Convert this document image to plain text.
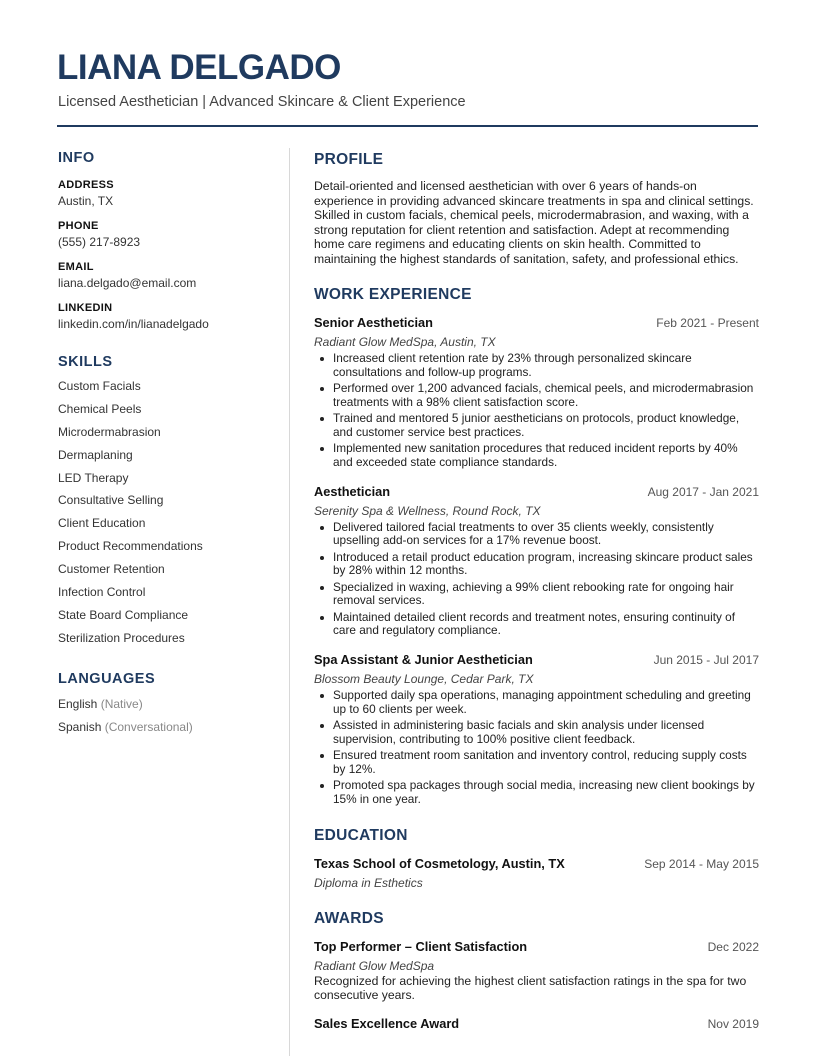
LIANA DELGADO
Licensed Aesthetician | Advanced Skincare & Client Experience
INFO
ADDRESS
Austin, TX
PHONE
(555) 217-8923
EMAIL
liana.delgado@email.com
LINKEDIN
linkedin.com/in/lianadelgado
SKILLS
Custom Facials
Chemical Peels
Microdermabrasion
Dermaplaning
LED Therapy
Consultative Selling
Client Education
Product Recommendations
Customer Retention
Infection Control
State Board Compliance
Sterilization Procedures
LANGUAGES
English (Native)
Spanish (Conversational)
PROFILE
Detail-oriented and licensed aesthetician with over 6 years of hands-on experience in providing advanced skincare treatments in spa and clinical settings. Skilled in custom facials, chemical peels, microdermabrasion, and waxing, with a strong reputation for client retention and satisfaction. Adept at recommending home care regimens and educating clients on skin health. Committed to maintaining the highest standards of sanitation, safety, and professional ethics.
WORK EXPERIENCE
Senior Aesthetician	Feb 2021 - Present
Radiant Glow MedSpa, Austin, TX
Increased client retention rate by 23% through personalized skincare consultations and follow-up programs.
Performed over 1,200 advanced facials, chemical peels, and microdermabrasion treatments with a 98% client satisfaction score.
Trained and mentored 5 junior aestheticians on protocols, product knowledge, and customer service best practices.
Implemented new sanitation procedures that reduced incident reports by 40% and exceeded state compliance standards.
Aesthetician	Aug 2017 - Jan 2021
Serenity Spa & Wellness, Round Rock, TX
Delivered tailored facial treatments to over 35 clients weekly, consistently upselling add-on services for a 17% revenue boost.
Introduced a retail product education program, increasing skincare product sales by 28% within 12 months.
Specialized in waxing, achieving a 99% client rebooking rate for ongoing hair removal services.
Maintained detailed client records and treatment notes, ensuring continuity of care and regulatory compliance.
Spa Assistant & Junior Aesthetician	Jun 2015 - Jul 2017
Blossom Beauty Lounge, Cedar Park, TX
Supported daily spa operations, managing appointment scheduling and greeting up to 60 clients per week.
Assisted in administering basic facials and skin analysis under licensed supervision, contributing to 100% positive client feedback.
Ensured treatment room sanitation and inventory control, reducing supply costs by 12%.
Promoted spa packages through social media, increasing new client bookings by 15% in one year.
EDUCATION
Texas School of Cosmetology, Austin, TX	Sep 2014 - May 2015
Diploma in Esthetics
AWARDS
Top Performer – Client Satisfaction	Dec 2022
Radiant Glow MedSpa
Recognized for achieving the highest client satisfaction ratings in the spa for two consecutive years.
Sales Excellence Award	Nov 2019
